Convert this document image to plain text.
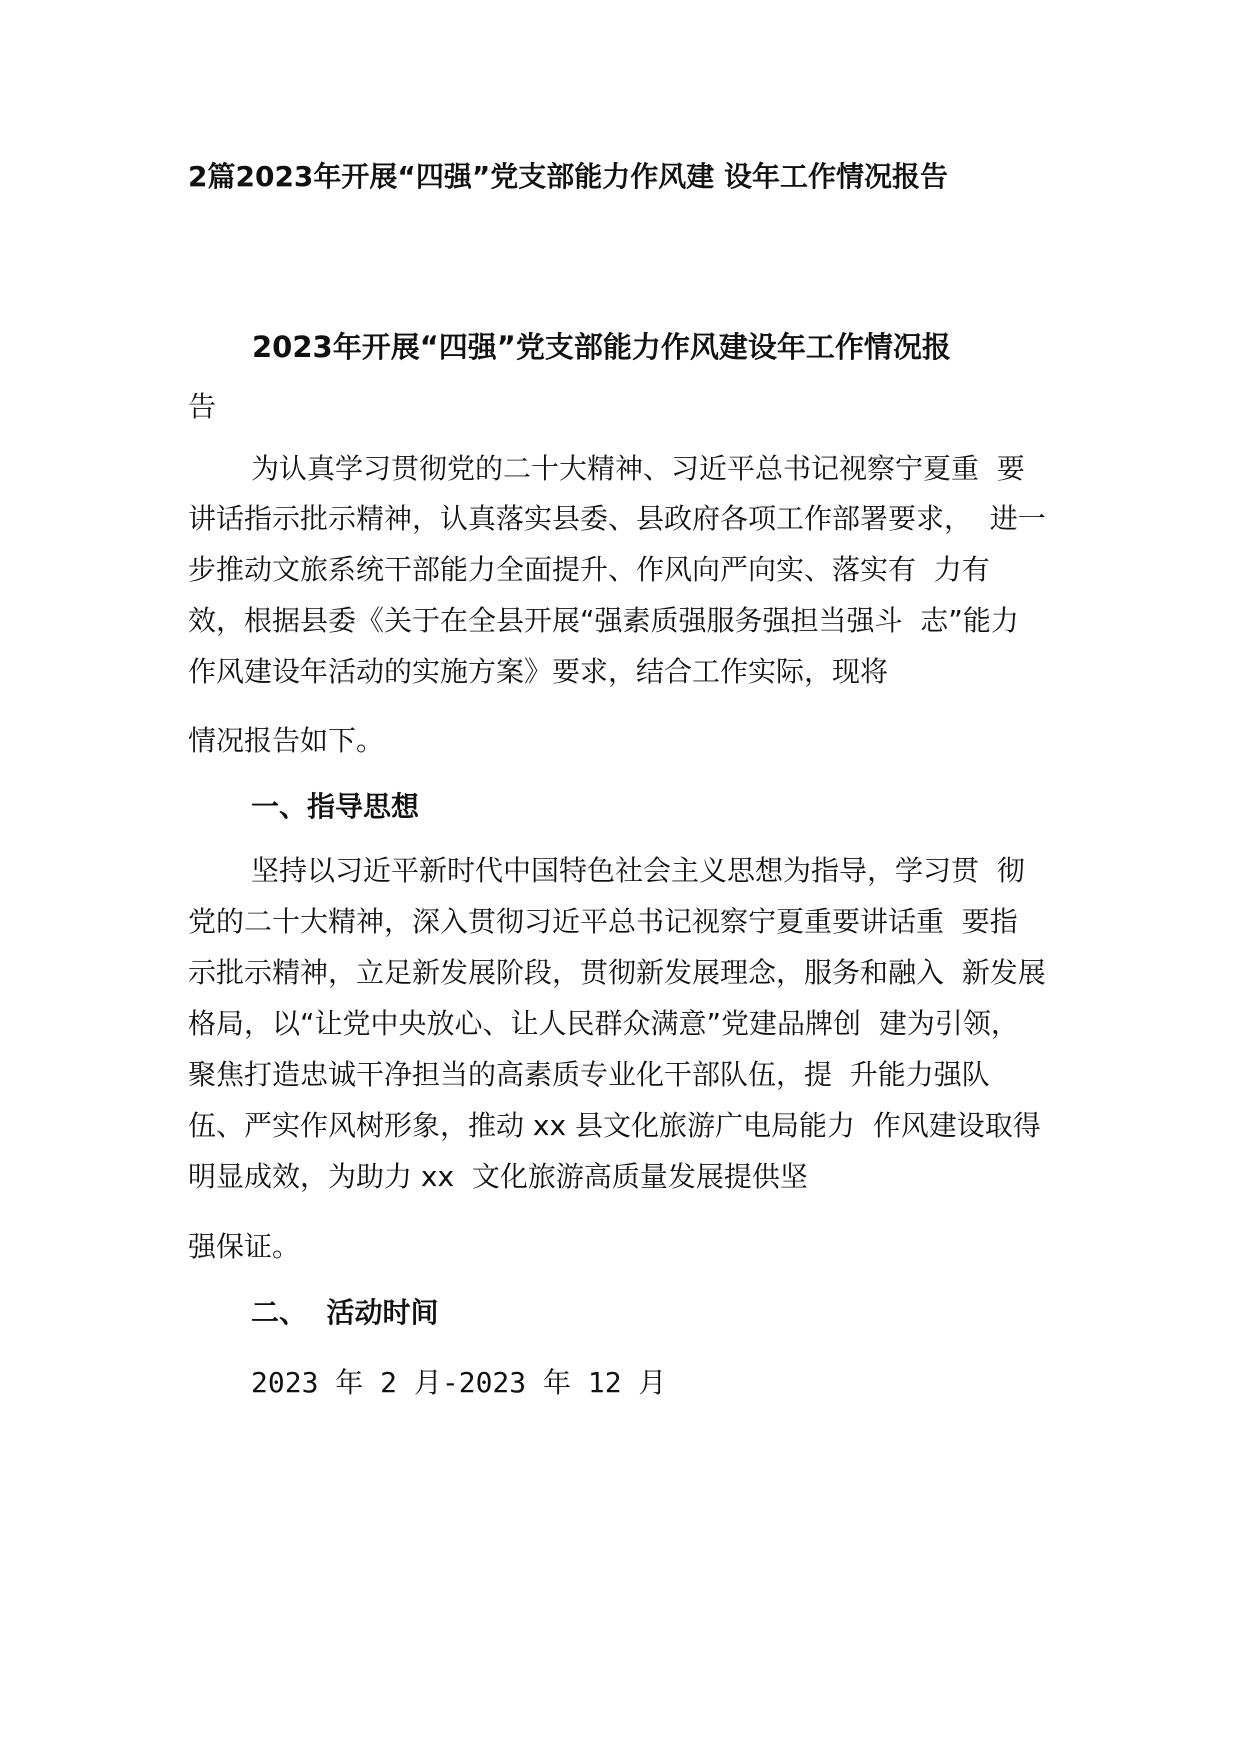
2篇2023年开展“四强”党支部能力作风建 设年工作情况报告

2023年开展“四强”党支部能力作风建设年工作情况报

告

为认真学习贯彻党的二十大精神、习近平总书记视察宁夏重  要

讲话指示批示精神，认真落实县委、县政府各项工作部署要求，  进一

步推动文旅系统干部能力全面提升、作风向严向实、落实有  力有

效，根据县委《关于在全县开展“强素质强服务强担当强斗  志”能力

作风建设年活动的实施方案》要求，结合工作实际，现将

情况报告如下。

一、指导思想

坚持以习近平新时代中国特色社会主义思想为指导，学习贯  彻

党的二十大精神，深入贯彻习近平总书记视察宁夏重要讲话重  要指

示批示精神，立足新发展阶段，贯彻新发展理念，服务和融入  新发展

格局，以“让党中央放心、让人民群众满意”党建品牌创  建为引领，

聚焦打造忠诚干净担当的高素质专业化干部队伍，提  升能力强队

伍、严实作风树形象，推动 xx 县文化旅游广电局能力  作风建设取得

明显成效，为助力 xx  文化旅游高质量发展提供坚

强保证。

二、  活动时间

2023 年 2 月-2023 年 12 月
